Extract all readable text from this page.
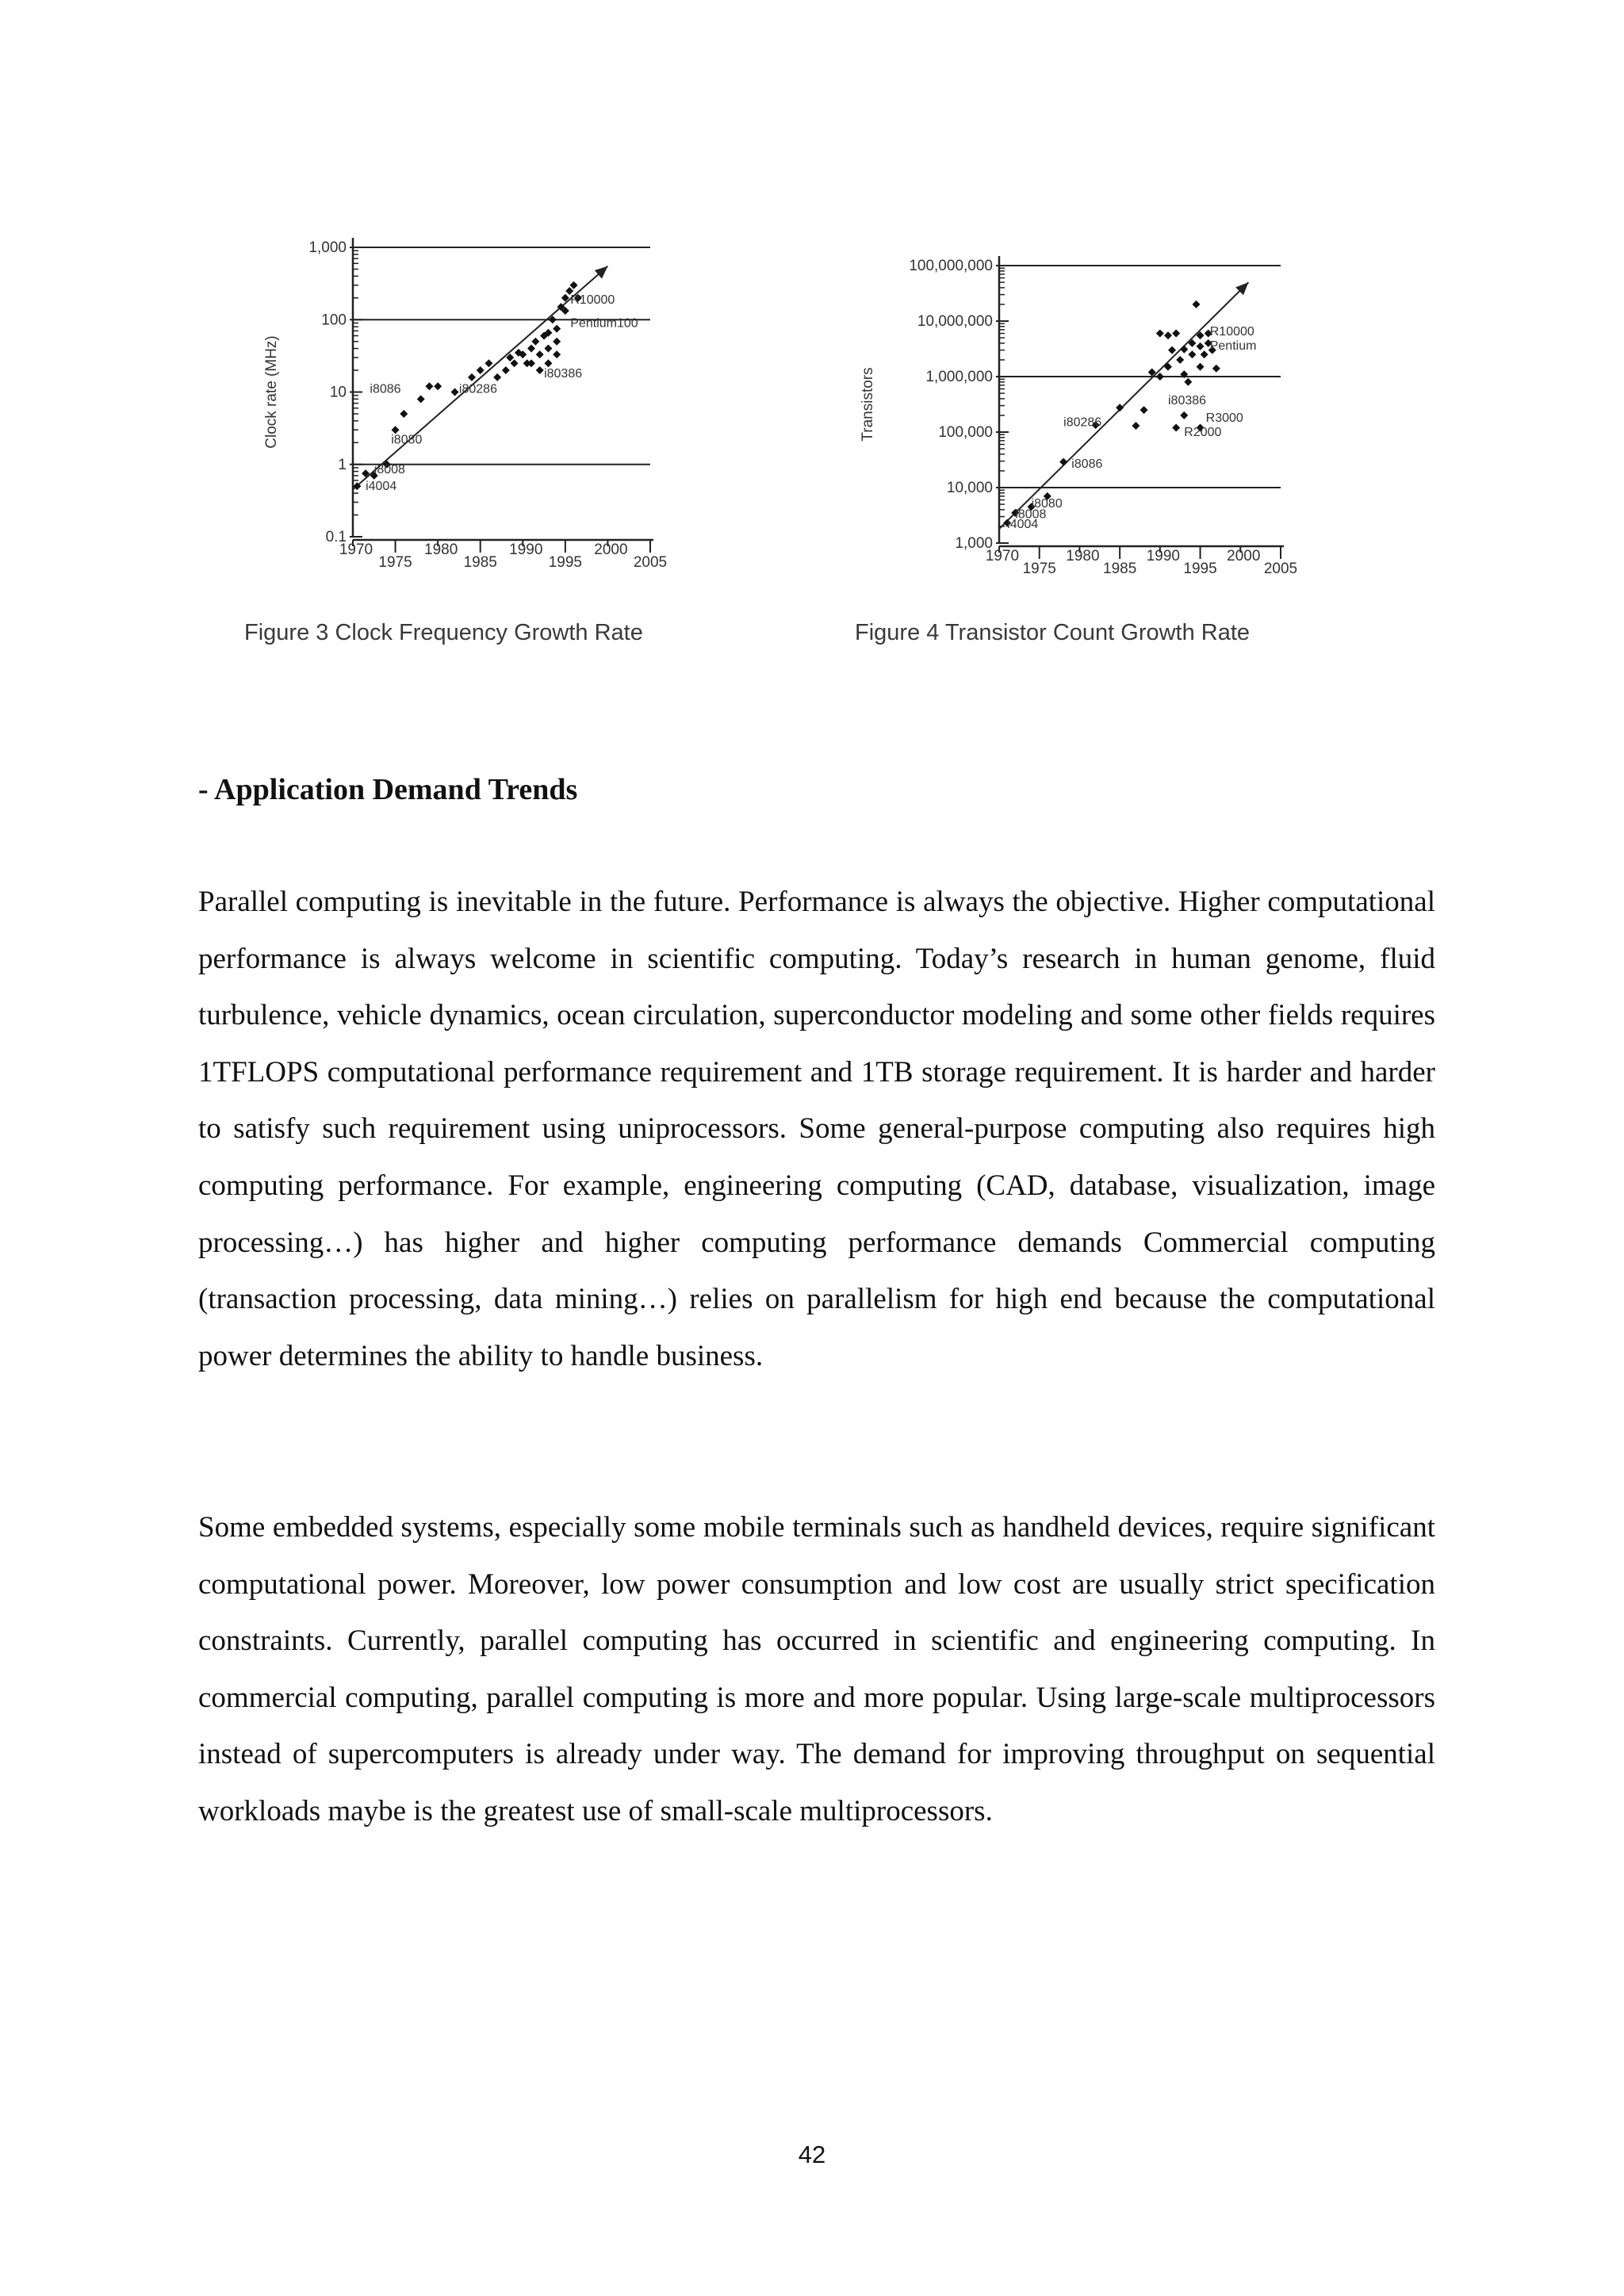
0.1
1
10
100
1,000
1970
1975
1980
1985
1990
1995
2000
2005
Clock rate (MHz)
R10000
Pentium100
i80386
i80286
i8086
i8080
i8008
i4004
Figure 3 Clock Frequency Growth Rate
1,000
10,000
100,000
1,000,000
10,000,000
100,000,000
1970
1975
1980
1985
1990
1995
2000
2005
Transistors
R10000
Pentium
i80386
R3000
R2000
i80286
i8086
i8080
i8008
i4004
Figure 4 Transistor Count Growth Rate
- Application Demand Trends

Parallel computing is inevitable in the future. Performance is always the objective. Higher computational performance is always welcome in scientific computing. Today’s research in human genome, fluid turbulence, vehicle dynamics, ocean circulation, superconductor modeling and some other fields requires 1TFLOPS computational performance requirement and 1TB storage requirement. It is harder and harder to satisfy such requirement using uniprocessors. Some general-purpose computing also requires high computing performance. For example, engineering computing (CAD, database, visualization, image processing…) has higher and higher computing performance demands Commercial computing (transaction processing, data mining…) relies on parallelism for high end because the computational power determines the ability to handle business.

Some embedded systems, especially some mobile terminals such as handheld devices, require significant computational power. Moreover, low power consumption and low cost are usually strict specification constraints. Currently, parallel computing has occurred in scientific and engineering computing. In commercial computing, parallel computing is more and more popular. Using large-scale multiprocessors instead of supercomputers is already under way. The demand for improving throughput on sequential workloads maybe is the greatest use of small-scale multiprocessors.

42
